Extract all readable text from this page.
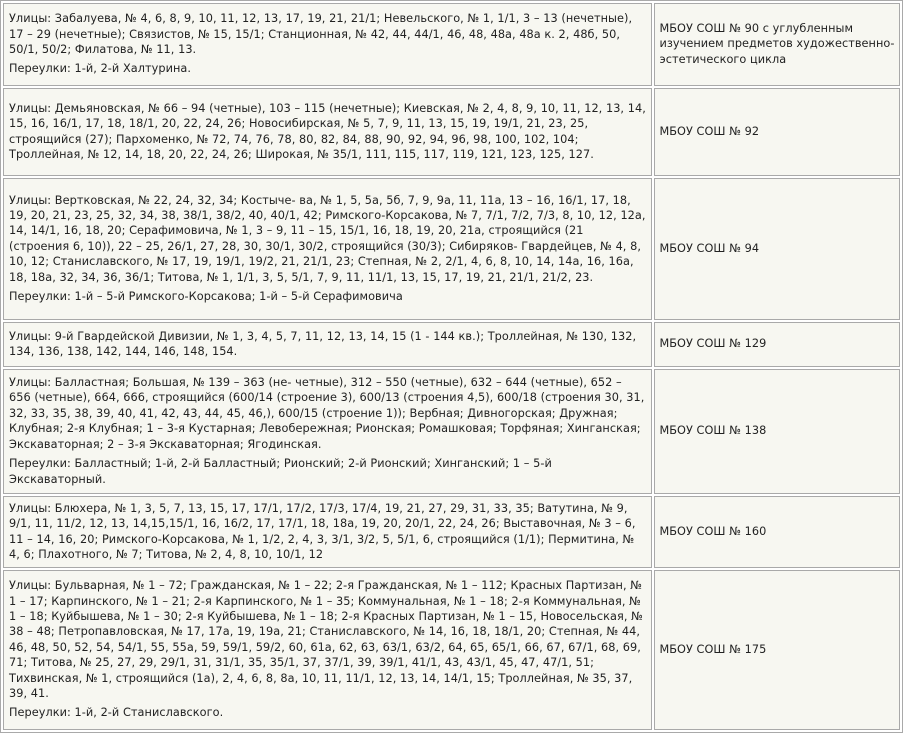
Улицы: Забалуева, № 4, 6, 8, 9, 10, 11, 12, 13, 17, 19, 21, 21/1; Невельского, № 1, 1/1, 3 – 13 (нечетные), 17 – 29 (нечетные); Связистов, № 15, 15/1; Станционная, № 42, 44, 44/1, 46, 48, 48а, 48а к. 2, 48б, 50, 50/1, 50/2; Филатова, № 11, 13.

Переулки: 1-й, 2-й Халтурина.	МБОУ СОШ № 90 с углубленным изучением предметов художественно-эстетического цикла

Улицы: Демьяновская, № 66 – 94 (четные), 103 – 115 (нечетные); Киевская, № 2, 4, 8, 9, 10, 11, 12, 13, 14, 15, 16, 16/1, 17, 18, 18/1, 20, 22, 24, 26; Новосибирская, № 5, 7, 9, 11, 13, 15, 19, 19/1, 21, 23, 25, строящийся (27); Пархоменко, № 72, 74, 76, 78, 80, 82, 84, 88, 90, 92, 94, 96, 98, 100, 102, 104; Троллейная, № 12, 14, 18, 20, 22, 24, 26; Широкая, № 35/1, 111, 115, 117, 119, 121, 123, 125, 127.	МБОУ СОШ № 92

Улицы: Вертковская, № 22, 24, 32, 34; Костыче- ва, № 1, 5, 5а, 5б, 7, 9, 9а, 11, 11а, 13 – 16, 16/1, 17, 18, 19, 20, 21, 23, 25, 32, 34, 38, 38/1, 38/2, 40, 40/1, 42; Римского-Корсакова, № 7, 7/1, 7/2, 7/3, 8, 10, 12, 12а, 14, 14/1, 16, 18, 20; Серафимовича, № 1, 3 – 9, 11 – 15, 15/1, 16, 18, 19, 20, 21а, строящийся (21 (строения 6, 10)), 22 – 25, 26/1, 27, 28, 30, 30/1, 30/2, строящийся (30/3); Сибиряков- Гвардейцев, № 4, 8, 10, 12; Станиславского, № 17, 19, 19/1, 19/2, 21, 21/1, 23; Степная, № 2, 2/1, 4, 6, 8, 10, 14, 14а, 16, 16а, 18, 18а, 32, 34, 36, 36/1; Титова, № 1, 1/1, 3, 5, 5/1, 7, 9, 11, 11/1, 13, 15, 17, 19, 21, 21/1, 21/2, 23.

Переулки: 1-й – 5-й Римского-Корсакова; 1-й – 5-й Серафимовича	МБОУ СОШ № 94

Улицы: 9-й Гвардейской Дивизии, № 1, 3, 4, 5, 7, 11, 12, 13, 14, 15 (1 - 144 кв.); Троллейная, № 130, 132, 134, 136, 138, 142, 144, 146, 148, 154.	МБОУ СОШ № 129

Улицы: Балластная; Большая, № 139 – 363 (не- четные), 312 – 550 (четные), 632 – 644 (четные), 652 – 656 (четные), 664, 666, строящийся (600/14 (строение 3), 600/13 (строения 4,5), 600/18 (строения 30, 31, 32, 33, 35, 38, 39, 40, 41, 42, 43, 44, 45, 46,), 600/15 (строение 1)); Вербная; Дивногорская; Дружная; Клубная; 2-я Клубная; 1 – 3-я Кустарная; Левобережная; Рионская; Ромашковая; Торфяная; Хинганская; Экскаваторная; 2 – 3-я Экскаваторная; Ягодинская.

Переулки: Балластный; 1-й, 2-й Балластный; Рионский; 2-й Рионский; Хинганский; 1 – 5-й Экскаваторный.	МБОУ СОШ № 138

Улицы: Блюхера, № 1, 3, 5, 7, 13, 15, 17, 17/1, 17/2, 17/3, 17/4, 19, 21, 27, 29, 31, 33, 35; Ватутина, № 9, 9/1, 11, 11/2, 12, 13, 14,15,15/1, 16, 16/2, 17, 17/1, 18, 18а, 19, 20, 20/1, 22, 24, 26; Выставочная, № 3 – 6, 11 – 14, 16, 20; Римского-Корсакова, № 1, 1/2, 2, 4, 3, 3/1, 3/2, 5, 5/1, 6, строящийся (1/1); Пермитина, № 4, 6; Плахотного, № 7; Титова, № 2, 4, 8, 10, 10/1, 12	МБОУ СОШ № 160

Улицы: Бульварная, № 1 – 72; Гражданская, № 1 – 22; 2-я Гражданская, № 1 – 112; Красных Партизан, № 1 – 17; Карпинского, № 1 – 21; 2-я Карпинского, № 1 – 35; Коммунальная, № 1 – 18; 2-я Коммунальная, № 1 – 18; Куйбышева, № 1 – 30; 2-я Куйбышева, № 1 – 18; 2-я Красных Партизан, № 1 – 15, Новосельская, № 38 – 48; Петропавловская, № 17, 17а, 19, 19а, 21; Станиславского, № 14, 16, 18, 18/1, 20; Степная, № 44, 46, 48, 50, 52, 54, 54/1, 55, 55а, 59, 59/1, 59/2, 60, 61а, 62, 63, 63/1, 63/2, 64, 65, 65/1, 66, 67, 67/1, 68, 69, 71; Титова, № 25, 27, 29, 29/1, 31, 31/1, 35, 35/1, 37, 37/1, 39, 39/1, 41/1, 43, 43/1, 45, 47, 47/1, 51; Тихвинская, № 1, строящийся (1а), 2, 4, 6, 8, 8а, 10, 11, 11/1, 12, 13, 14, 14/1, 15; Троллейная, № 35, 37, 39, 41.

Переулки: 1-й, 2-й Станиславского.	МБОУ СОШ № 175
